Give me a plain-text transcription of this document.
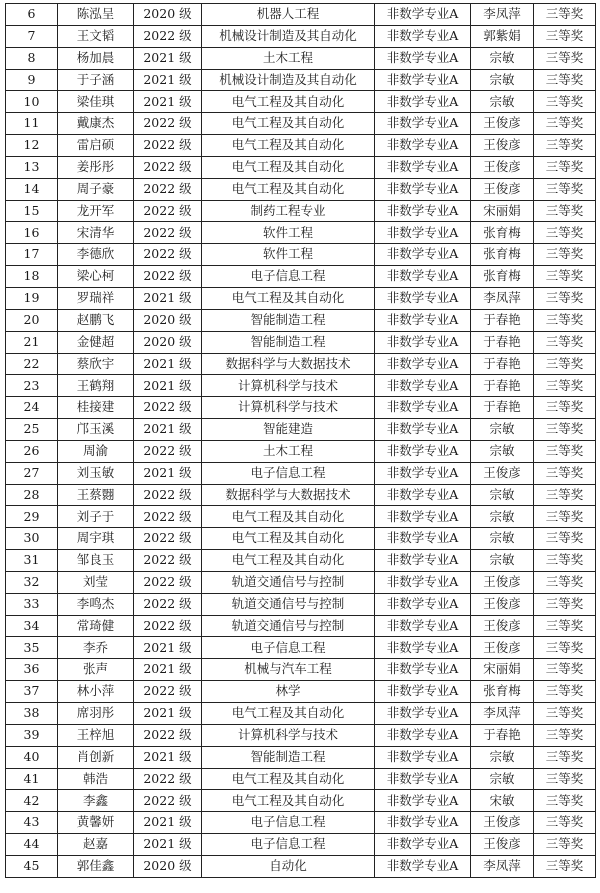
6	陈泓呈	2020 级	机器人工程	非数学专业A	李凤萍	三等奖
7	王文韬	2022 级	机械设计制造及其自动化	非数学专业A	郭紫娟	三等奖
8	杨加晨	2021 级	土木工程	非数学专业A	宗敏	三等奖
9	于子涵	2021 级	机械设计制造及其自动化	非数学专业A	宗敏	三等奖
10	梁佳琪	2021 级	电气工程及其自动化	非数学专业A	宗敏	三等奖
11	戴康杰	2022 级	电气工程及其自动化	非数学专业A	王俊彦	三等奖
12	雷启硕	2022 级	电气工程及其自动化	非数学专业A	王俊彦	三等奖
13	姜彤彤	2022 级	电气工程及其自动化	非数学专业A	王俊彦	三等奖
14	周子豪	2022 级	电气工程及其自动化	非数学专业A	王俊彦	三等奖
15	龙开军	2022 级	制药工程专业	非数学专业A	宋丽娟	三等奖
16	宋清华	2022 级	软件工程	非数学专业A	张育梅	三等奖
17	李德欣	2022 级	软件工程	非数学专业A	张育梅	三等奖
18	梁心柯	2022 级	电子信息工程	非数学专业A	张育梅	三等奖
19	罗瑞祥	2021 级	电气工程及其自动化	非数学专业A	李凤萍	三等奖
20	赵鹏飞	2020 级	智能制造工程	非数学专业A	于春艳	三等奖
21	金健超	2020 级	智能制造工程	非数学专业A	于春艳	三等奖
22	蔡欣宇	2021 级	数据科学与大数据技术	非数学专业A	于春艳	三等奖
23	王鹤翔	2021 级	计算机科学与技术	非数学专业A	于春艳	三等奖
24	桂接建	2022 级	计算机科学与技术	非数学专业A	于春艳	三等奖
25	邝玉溪	2021 级	智能建造	非数学专业A	宗敏	三等奖
26	周渝	2022 级	土木工程	非数学专业A	宗敏	三等奖
27	刘玉敏	2021 级	电子信息工程	非数学专业A	王俊彦	三等奖
28	王蔡翾	2022 级	数据科学与大数据技术	非数学专业A	宗敏	三等奖
29	刘子于	2022 级	电气工程及其自动化	非数学专业A	宗敏	三等奖
30	周宇琪	2022 级	电气工程及其自动化	非数学专业A	宗敏	三等奖
31	邹良玉	2022 级	电气工程及其自动化	非数学专业A	宗敏	三等奖
32	刘莹	2022 级	轨道交通信号与控制	非数学专业A	王俊彦	三等奖
33	李鸣杰	2022 级	轨道交通信号与控制	非数学专业A	王俊彦	三等奖
34	常琦健	2022 级	轨道交通信号与控制	非数学专业A	王俊彦	三等奖
35	李乔	2021 级	电子信息工程	非数学专业A	王俊彦	三等奖
36	张声	2021 级	机械与汽车工程	非数学专业A	宋丽娟	三等奖
37	林小萍	2022 级	林学	非数学专业A	张育梅	三等奖
38	席羽彤	2021 级	电气工程及其自动化	非数学专业A	李凤萍	三等奖
39	王梓旭	2022 级	计算机科学与技术	非数学专业A	于春艳	三等奖
40	肖创新	2021 级	智能制造工程	非数学专业A	宗敏	三等奖
41	韩浩	2022 级	电气工程及其自动化	非数学专业A	宗敏	三等奖
42	李鑫	2022 级	电气工程及其自动化	非数学专业A	宋敏	三等奖
43	黄馨妍	2021 级	电子信息工程	非数学专业A	王俊彦	三等奖
44	赵嘉	2021 级	电子信息工程	非数学专业A	王俊彦	三等奖
45	郭佳鑫	2020 级	自动化	非数学专业A	李凤萍	三等奖
